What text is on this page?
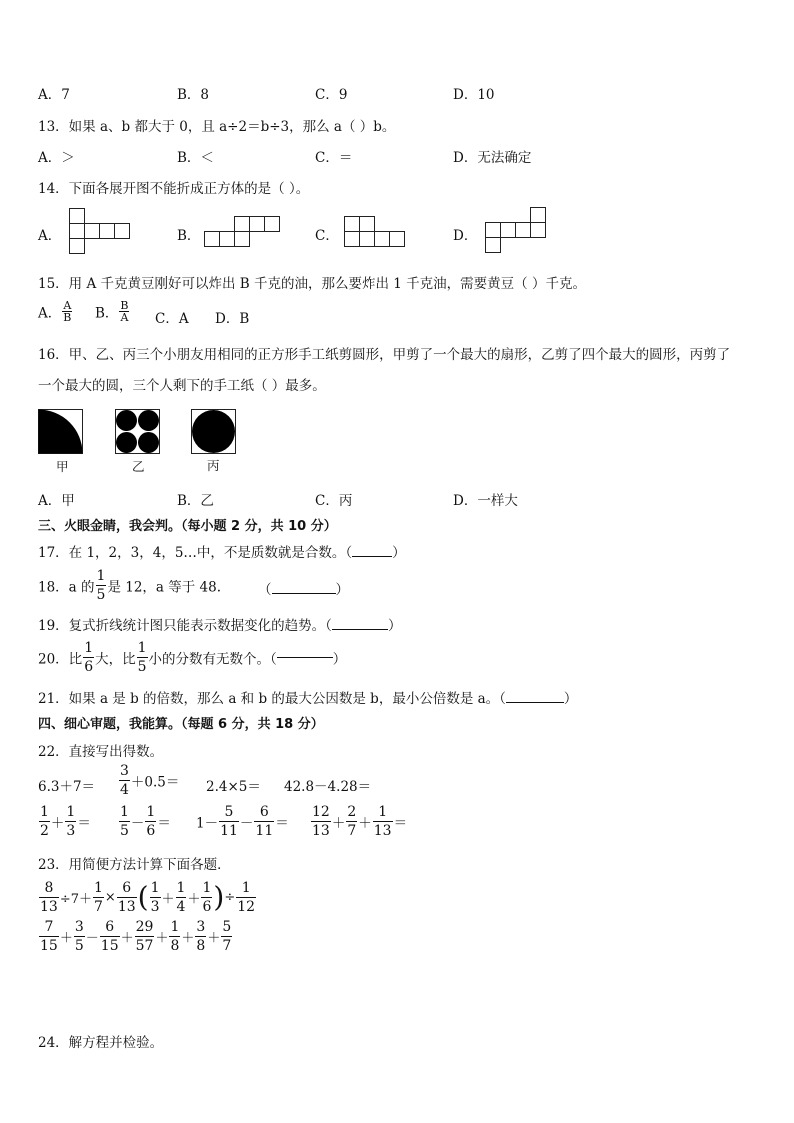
A．7	B．8	C．9	D．10
13．如果 a、b 都大于 0，且 a÷2＝b÷3，那么 a（ ）b。
A．＞	B．＜	C．＝	D．无法确定
14．下面各展开图不能折成正方体的是（ ）。
A．	B．	C．	D．
15．用 A 千克黄豆刚好可以炸出 B 千克的油，那么要炸出 1 千克油，需要黄豆（ ）千克。
A． $\frac{A}{B}$ B． $\frac{B}{A}$ C．A D．B
16．甲、乙、丙三个小朋友用相同的正方形手工纸剪圆形，甲剪了一个最大的扇形，乙剪了四个最大的圆形，丙剪了
一个最大的圆，三个人剩下的手工纸（ ）最多。
甲	乙	丙
A．甲	B．乙	C．丙	D．一样大
三、火眼金睛，我会判。（每小题 2 分，共 10 分）
17．在 1，2，3，4，5…中，不是质数就是合数。（	）
18．a 的 $\frac{1}{5}$ 是 12，a 等于 48.	（	）
19．复式折线统计图只能表示数据变化的趋势。（	）
20．比 $\frac{1}{6}$ 大，比 $\frac{1}{5}$ 小的分数有无数个。（	）
21．如果 a 是 b 的倍数，那么 a 和 b 的最大公因数是 b，最小公倍数是 a。（	）
四、细心审题，我能算。（每题 6 分，共 18 分）
22．直接写出得数。
$6.3+7= \frac{3}{4} +0.5= 2.4\times 5= 42.8-4.28=$
$\frac{1}{2} + \frac{1}{3} = \frac{1}{5} - \frac{1}{6} = 1- \frac{5}{11} - \frac{6}{11} = \frac{12}{13} + \frac{2}{7} + \frac{1}{13}$ ＝
23．用简便方法计算下面各题．
$\frac{8}{13} \div 7+ \frac{1}{7} \times \frac{6}{13}$ ( $\frac{1}{3} + \frac{1}{4} + \frac{1}{6}$ )÷ $\frac{1}{12}$
$\frac{7}{15} + \frac{3}{5} - \frac{6}{15} + \frac{29}{57} + \frac{1}{8} + \frac{3}{8} + \frac{5}{7}$
24．解方程并检验。
